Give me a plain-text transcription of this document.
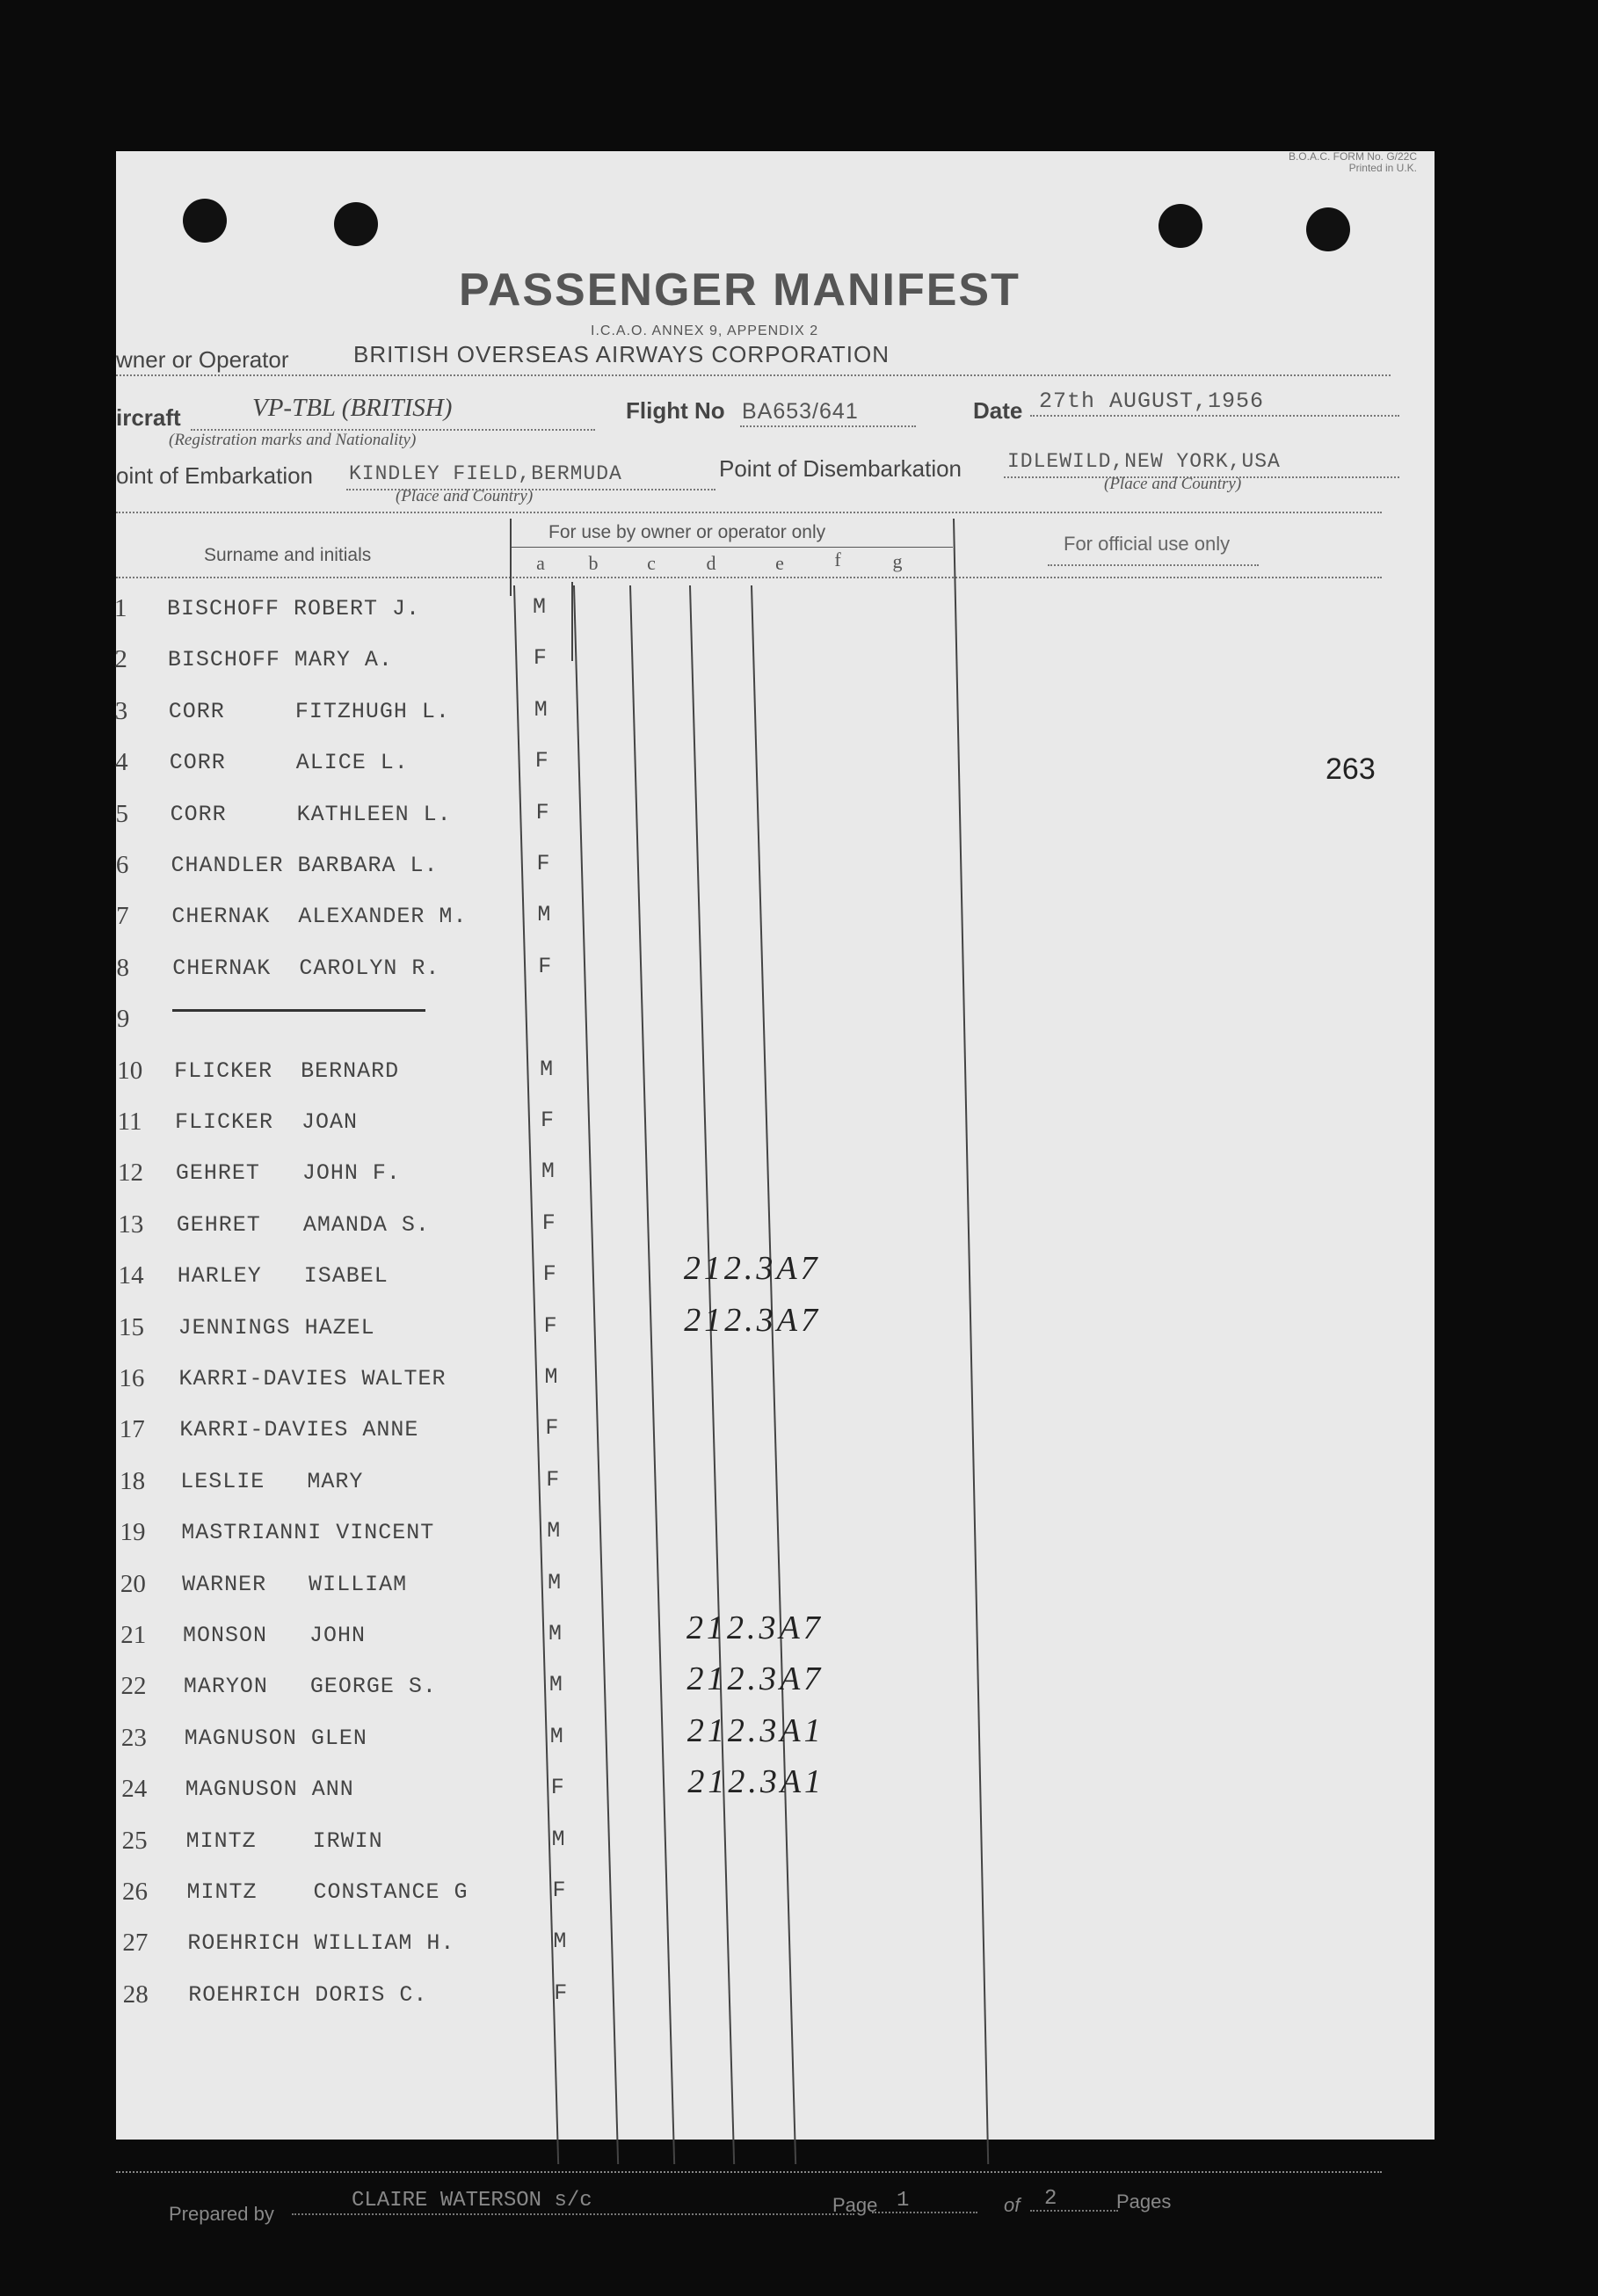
B.O.A.C. FORM No. G/22C
Printed in U.K.
PASSENGER MANIFEST
I.C.A.O. ANNEX 9, APPENDIX 2
wner or Operator	BRITISH OVERSEAS AIRWAYS CORPORATION
ircraft	VP-TBL (BRITISH)
(Registration marks and Nationality)
Flight No BA653/641	Date 27th AUGUST,1956
oint of Embarkation KINDLEY FIELD,BERMUDA
(Place and Country)
Point of Disembarkation IDLEWILD,NEW YORK,USA
(Place and Country)
Surname and initials
For use by owner or operator only
For official use only
a	b	c	d	e	f	g
263
1 BISCHOFF ROBERT J.	M
2 BISCHOFF MARY A.	F
3 CORR     FITZHUGH L.	M
4 CORR     ALICE L.	F
5 CORR     KATHLEEN L.	F
6 CHANDLER BARBARA L.	F
7 CHERNAK  ALEXANDER M.	M
8 CHERNAK  CAROLYN R.	F
9
10 FLICKER  BERNARD	M
11 FLICKER  JOAN	F
12 GEHRET   JOHN F.	M
13 GEHRET   AMANDA S.	F
14 HARLEY   ISABEL	F	212.3A7
15 JENNINGS HAZEL	F	212.3A7
16 KARRI-DAVIES WALTER	M
17 KARRI-DAVIES ANNE	F
18 LESLIE   MARY	F
19 MASTRIANNI VINCENT	M
20 WARNER   WILLIAM	M
21 MONSON   JOHN	M	212.3A7
22 MARYON   GEORGE S.	M	212.3A7
23 MAGNUSON GLEN	M	212.3A1
24 MAGNUSON ANN	F	212.3A1
25 MINTZ    IRWIN	M
26 MINTZ    CONSTANCE G	F
27 ROEHRICH WILLIAM H.	M
28 ROEHRICH DORIS C.	F
Prepared by
CLAIRE WATERSON s/c	Page 1	of 2	Pages
